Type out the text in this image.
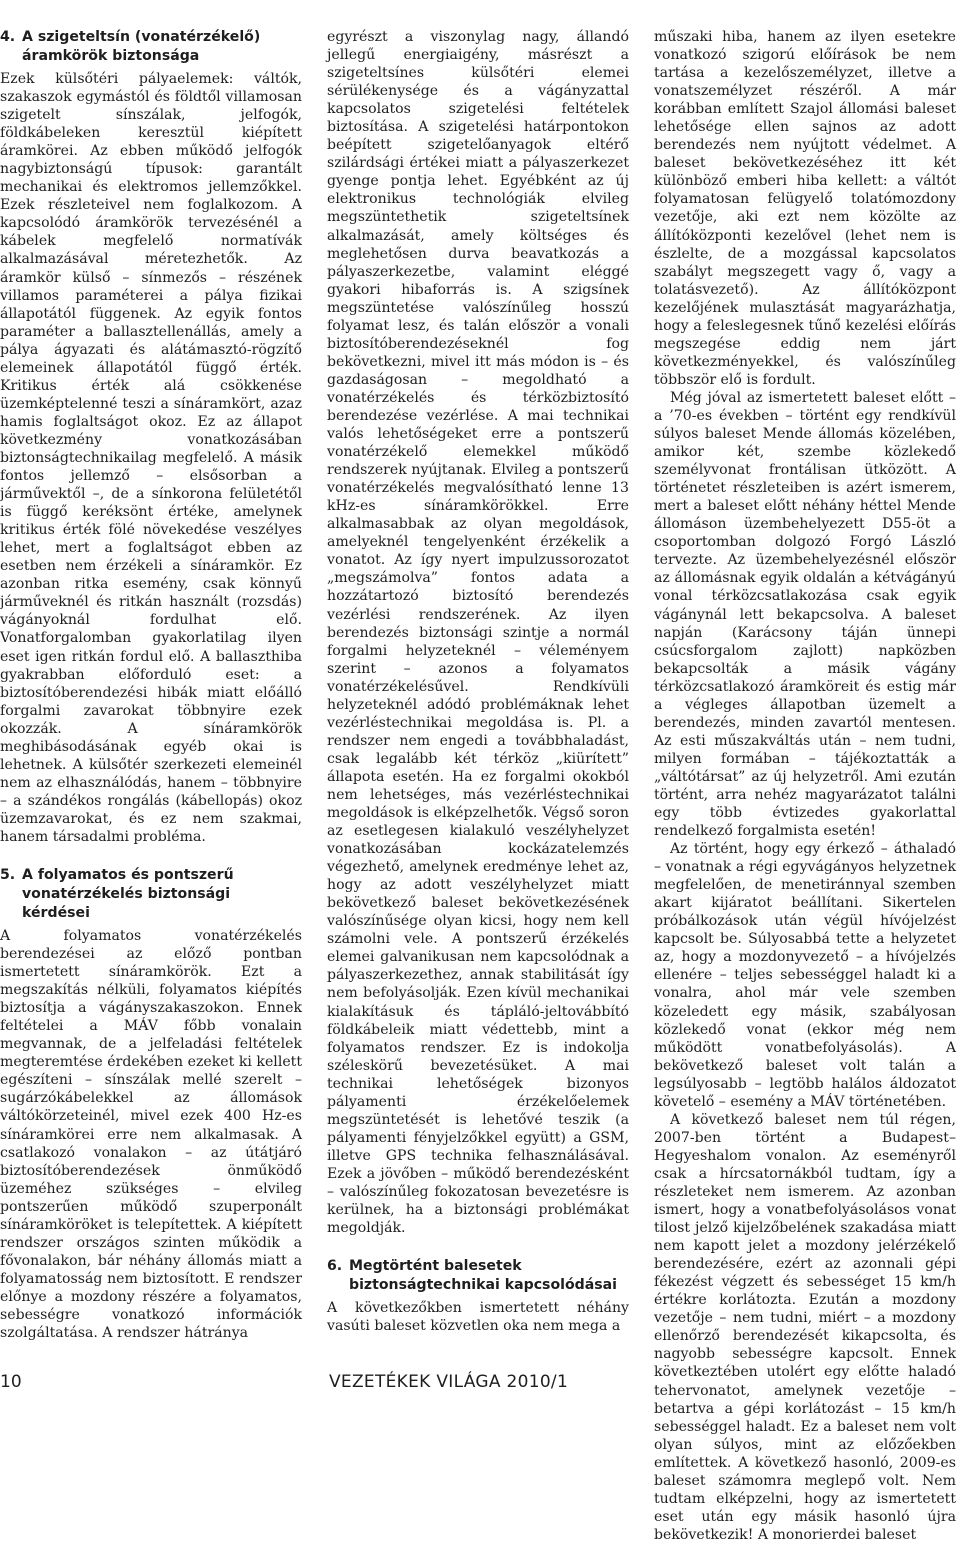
4. A szigeteltsín (vonatérzékelő)
áramkörök biztonsága

Ezek külsőtéri pályaelemek: váltók, szakaszok egymástól és földtől villamosan szigetelt sínszálak, jelfogók, földkábeleken keresztül kiépített áramkörei. Az ebben működő jelfogók nagybiztonságú típusok: garantált mechanikai és elektromos jellemzőkkel. Ezek részleteivel nem foglalkozom. A kapcsolódó áramkörök tervezésénél a kábelek megfelelő normatívák alkalmazásával méretezhetők. Az áramkör külső – sínmezős – részének villamos paraméterei a pálya fizikai állapotától függenek. Az egyik fontos paraméter a ballasztellenállás, amely a pálya ágyazati és alátámasztó-rögzítő elemeinek állapotától függő érték. Kritikus érték alá csökkenése üzemképtelenné teszi a sínáramkört, azaz hamis foglaltságot okoz. Ez az állapot következmény vonatkozásában biztonságtechnikailag megfelelő. A másik fontos jellemző – elsősorban a járművektől –, de a sínkorona felületétől is függő keréksönt értéke, amelynek kritikus érték fölé növekedése veszélyes lehet, mert a foglaltságot ebben az esetben nem érzékeli a sínáramkör. Ez azonban ritka esemény, csak könnyű járműveknél és ritkán használt (rozsdás) vágányoknál fordulhat elő. Vonatforgalomban gyakorlatilag ilyen eset igen ritkán fordul elő. A ballaszthiba gyakrabban előforduló eset: a biztosítóberendezési hibák miatt előálló forgalmi zavarokat többnyire ezek okozzák. A sínáramkörök meghibásodásának egyéb okai is lehetnek. A külsőtér szerkezeti elemeinél nem az elhasználódás, hanem – többnyire – a szándékos rongálás (kábellopás) okoz üzemzavarokat, és ez nem szakmai, hanem társadalmi probléma.

5. A folyamatos és pontszerű
vonatérzékelés biztonsági kérdései

A folyamatos vonatérzékelés berendezései az előző pontban ismertetett sínáramkörök. Ezt a megszakítás nélküli, folyamatos kiépítés biztosítja a vágányszakaszokon. Ennek feltételei a MÁV főbb vonalain megvannak, de a jelfeladási feltételek megteremtése érdekében ezeket ki kellett egészíteni – sínszálak mellé szerelt – sugárzókábelekkel az állomások váltókörzeteinél, mivel ezek 400 Hz-es sínáramkörei erre nem alkalmasak. A csatlakozó vonalakon – az útátjáró biztosítóberendezések önműködő üzeméhez szükséges – elvileg pontszerűen működő szuperponált sínáramköröket is telepítettek. A kiépített rendszer országos szinten működik a fővonalakon, bár néhány állomás miatt a folyamatosság nem biztosított. E rendszer előnye a mozdony részére a folyamatos, sebességre vonatkozó információk szolgáltatása. A rendszer hátránya

egyrészt a viszonylag nagy, állandó jellegű energiaigény, másrészt a szigeteltsínes külsőtéri elemei sérülékenysége és a vágányzattal kapcsolatos szigetelési feltételek biztosítása. A szigetelési határpontokon beépített szigetelőanyagok eltérő szilárdsági értékei miatt a pályaszerkezet gyenge pontja lehet. Egyébként az új elektronikus technológiák elvileg megszüntethetik szigeteltsínek alkalmazását, amely költséges és meglehetősen durva beavatkozás a pályaszerkezetbe, valamint eléggé gyakori hibaforrás is. A szigsínek megszüntetése valószínűleg hosszú folyamat lesz, és talán először a vonali biztosítóberendezéseknél fog bekövetkezni, mivel itt más módon is – és gazdaságosan – megoldható a vonatérzékelés és térközbiztosító berendezése vezérlése. A mai technikai valós lehetőségeket erre a pontszerű vonatérzékelő elemekkel működő rendszerek nyújtanak. Elvileg a pontszerű vonatérzékelés megvalósítható lenne 13 kHz-es sínáramkörökkel. Erre alkalmasabbak az olyan megoldások, amelyeknél tengelyenként érzékelik a vonatot. Az így nyert impulzussorozatot „megszámolva” fontos adata a hozzátartozó biztosító berendezés vezérlési rendszerének. Az ilyen berendezés biztonsági szintje a normál forgalmi helyzeteknél – véleményem szerint – azonos a folyamatos vonatérzékelésűvel. Rendkívüli helyzeteknél adódó problémáknak lehet vezérléstechnikai megoldása is. Pl. a rendszer nem engedi a továbbhaladást, csak legalább két térköz „kiürített” állapota esetén. Ha ez forgalmi okokból nem lehetséges, más vezérléstechnikai megoldások is elképzelhetők. Végső soron az esetlegesen kialakuló veszélyhelyzet vonatkozásában kockázatelemzés végezhető, amelynek eredménye lehet az, hogy az adott veszélyhelyzet miatt bekövetkező baleset bekövetkezésének valószínűsége olyan kicsi, hogy nem kell számolni vele. A pontszerű érzékelés elemei galvanikusan nem kapcsolódnak a pályaszerkezethez, annak stabilitását így nem befolyásolják. Ezen kívül mechanikai kialakításuk és tápláló-jeltovábbító földkábeleik miatt védettebb, mint a folyamatos rendszer. Ez is indokolja széleskörű bevezetésüket. A mai technikai lehetőségek bizonyos pályamenti érzékelőelemek megszüntetését is lehetővé teszik (a pályamenti fényjelzőkkel együtt) a GSM, illetve GPS technika felhasználásával. Ezek a jövőben – működő berendezésként – valószínűleg fokozatosan bevezetésre is kerülnek, ha a biztonsági problémákat megoldják.

6. Megtörtént balesetek
biztonságtechnikai kapcsolódásai

A következőkben ismertetett néhány vasúti baleset közvetlen oka nem mega a

műszaki hiba, hanem az ilyen esetekre vonatkozó szigorú előírások be nem tartása a kezelőszemélyzet, illetve a vonatszemélyzet részéről. A már korábban említett Szajol állomási baleset lehetősége ellen sajnos az adott berendezés nem nyújtott védelmet. A baleset bekövetkezéséhez itt két különböző emberi hiba kellett: a váltót folyamatosan felügyelő tolatómozdony vezetője, aki ezt nem közölte az állítóközponti kezelővel (lehet nem is észlelte, de a mozgással kapcsolatos szabályt megszegett vagy ő, vagy a tolatásvezető). Az állítóközpont kezelőjének mulasztását magyarázhatja, hogy a feleslegesnek tűnő kezelési előírás megszegése eddig nem járt következményekkel, és valószínűleg többször elő is fordult.

Még jóval az ismertetett baleset előtt – a ’70-es években – történt egy rendkívül súlyos baleset Mende állomás közelében, amikor két, szembe közlekedő személyvonat frontálisan ütközött. A történetet részleteiben is azért ismerem, mert a baleset előtt néhány héttel Mende állomáson üzembehelyezett D55-öt a csoportomban dolgozó Forgó László tervezte. Az üzembehelyezésnél először az állomásnak egyik oldalán a kétvágányú vonal térközcsatlakozása csak egyik vágánynál lett bekapcsolva. A baleset napján (Karácsony táján ünnepi csúcsforgalom zajlott) napközben bekapcsolták a másik vágány térközcsatlakozó áramköreit és estig már a végleges állapotban üzemelt a berendezés, minden zavartól mentesen. Az esti műszakváltás után – nem tudni, milyen formában – tájékoztatták a „váltótársat” az új helyzetről. Ami ezután történt, arra nehéz magyarázatot találni egy több évtizedes gyakorlattal rendelkező forgalmista esetén!

Az történt, hogy egy érkező – áthaladó – vonatnak a régi egyvágányos helyzetnek megfelelően, de menetiránnyal szemben akart kijáratot beállítani. Sikertelen próbálkozások után végül hívójelzést kapcsolt be. Súlyosabbá tette a helyzetet az, hogy a mozdonyvezető – a hívójelzés ellenére – teljes sebességgel haladt ki a vonalra, ahol már vele szemben közeledett egy másik, szabályosan közlekedő vonat (ekkor még nem működött vonatbefolyásolás). A bekövetkező baleset volt talán a legsúlyosabb – legtöbb halálos áldozatot követelő – esemény a MÁV történetében.

A következő baleset nem túl régen, 2007-ben történt a Budapest–Hegyeshalom vonalon. Az eseményről csak a hírcsatornákból tudtam, így a részleteket nem ismerem. Az azonban ismert, hogy a vonatbefolyásolásos vonat tilost jelző kijelzőbelének szakadása miatt nem kapott jelet a mozdony jelérzékelő berendezésére, ezért az azonnali gépi fékezést végzett és sebességet 15 km/h értékre korlátozta. Ezután a mozdony vezetője – nem tudni, miért – a mozdony ellenőrző berendezését kikapcsolta, és nagyobb sebességre kapcsolt. Ennek következtében utolért egy előtte haladó tehervonatot, amelynek vezetője – betartva a gépi korlátozást – 15 km/h sebességgel haladt. Ez a baleset nem volt olyan súlyos, mint az előzőekben említettek. A következő hasonló, 2009-es baleset számomra meglepő volt. Nem tudtam elképzelni, hogy az ismertetett eset után egy másik hasonló újra bekövetkezik! A monorierdei baleset

10	VEZETÉKEK VILÁGA 2010/1
